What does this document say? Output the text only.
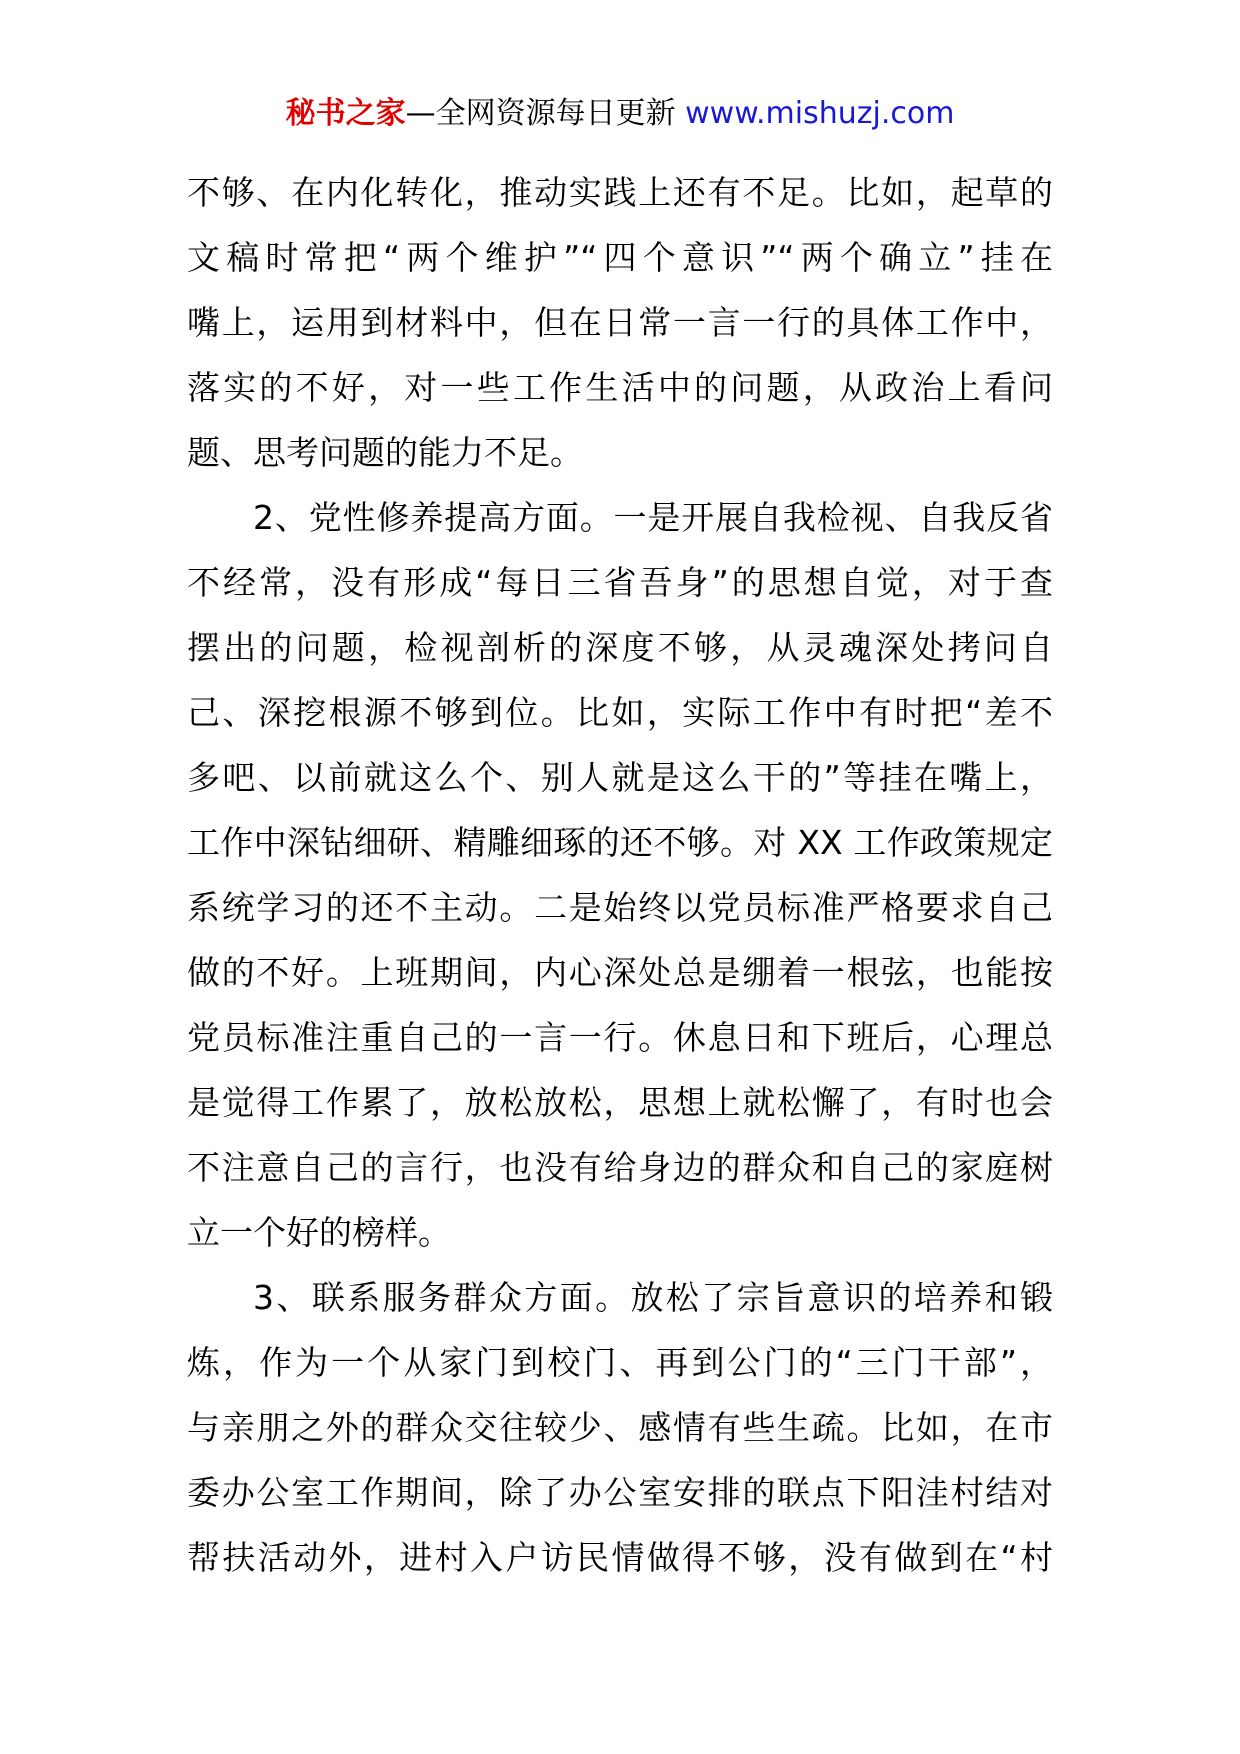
秘书之家—全网资源每日更新 www.mishuzj.com
不够、在内化转化，推动实践上还有不足。比如，起草的
文稿时常把“两个维护”“四个意识”“两个确立”挂在
嘴上，运用到材料中，但在日常一言一行的具体工作中，
落实的不好，对一些工作生活中的问题，从政治上看问
题、思考问题的能力不足。
2、党性修养提高方面。一是开展自我检视、自我反省
不经常，没有形成“每日三省吾身”的思想自觉，对于查
摆出的问题，检视剖析的深度不够，从灵魂深处拷问自
己、深挖根源不够到位。比如，实际工作中有时把“差不
多吧、以前就这么个、别人就是这么干的”等挂在嘴上，
工作中深钻细研、精雕细琢的还不够。对 XX 工作政策规定
系统学习的还不主动。二是始终以党员标准严格要求自己
做的不好。上班期间，内心深处总是绷着一根弦，也能按
党员标准注重自己的一言一行。休息日和下班后，心理总
是觉得工作累了，放松放松，思想上就松懈了，有时也会
不注意自己的言行，也没有给身边的群众和自己的家庭树
立一个好的榜样。
3、联系服务群众方面。放松了宗旨意识的培养和锻
炼，作为一个从家门到校门、再到公门的“三门干部”，
与亲朋之外的群众交往较少、感情有些生疏。比如，在市
委办公室工作期间，除了办公室安排的联点下阳洼村结对
帮扶活动外，进村入户访民情做得不够，没有做到在“村
